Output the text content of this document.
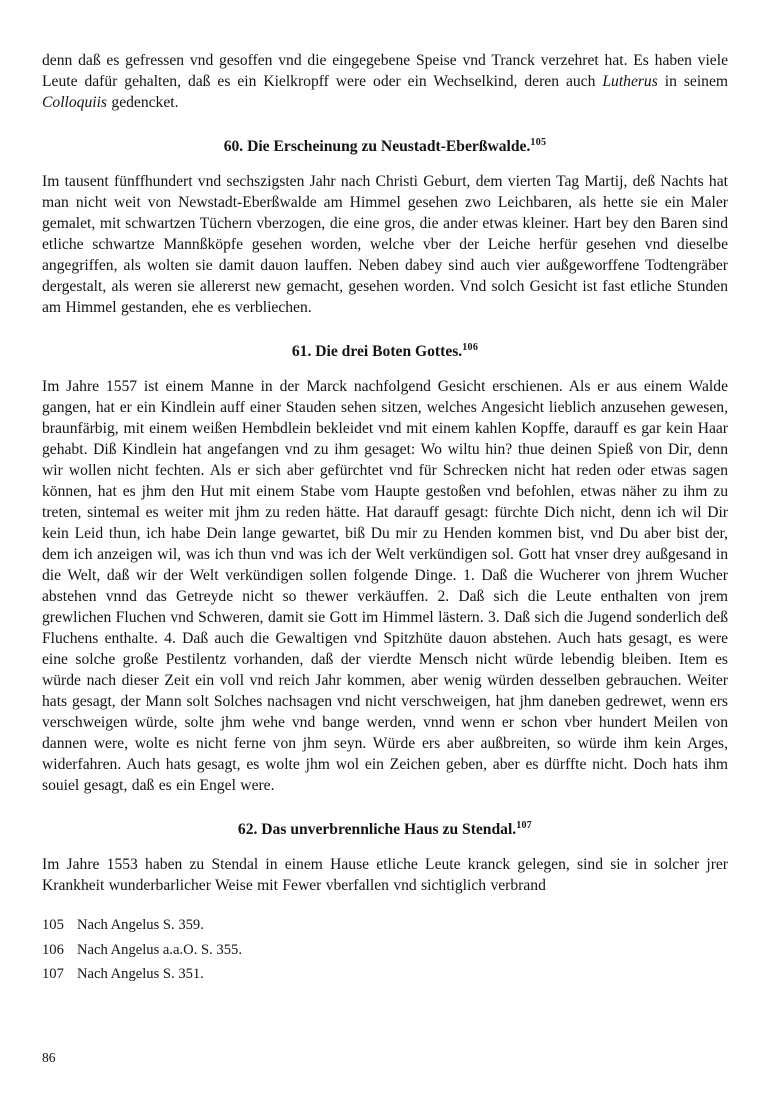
denn daß es gefressen vnd gesoffen vnd die eingegebene Speise vnd Tranck verzehret hat. Es haben viele Leute dafür gehalten, daß es ein Kielkropff were oder ein Wechselkind, deren auch Lutherus in seinem Colloquiis gedencket.

60. Die Erscheinung zu Neustadt-Eberßwalde.$^{105}$

Im tausent fünffhundert vnd sechszigsten Jahr nach Christi Geburt, dem vierten Tag Martij, deß Nachts hat man nicht weit von Newstadt-Eberßwalde am Himmel gesehen zwo Leichbaren, als hette sie ein Maler gemalet, mit schwartzen Tüchern vberzogen, die eine gros, die ander etwas kleiner. Hart bey den Baren sind etliche schwartze Mannßköpfe gesehen worden, welche vber der Leiche herfür gesehen vnd dieselbe angegriffen, als wolten sie damit dauon lauffen. Neben dabey sind auch vier außgeworffene Todtengräber dergestalt, als weren sie allererst new gemacht, gesehen worden. Vnd solch Gesicht ist fast etliche Stunden am Himmel gestanden, ehe es verbliechen.

61. Die drei Boten Gottes.$^{106}$

Im Jahre 1557 ist einem Manne in der Marck nachfolgend Gesicht erschienen. Als er aus einem Walde gangen, hat er ein Kindlein auff einer Stauden sehen sitzen, welches Angesicht lieblich anzusehen gewesen, braunfärbig, mit einem weißen Hembdlein bekleidet vnd mit einem kahlen Kopffe, darauff es gar kein Haar gehabt. Diß Kindlein hat angefangen vnd zu ihm gesaget: Wo wiltu hin? thue deinen Spieß von Dir, denn wir wollen nicht fechten. Als er sich aber gefürchtet vnd für Schrecken nicht hat reden oder etwas sagen können, hat es jhm den Hut mit einem Stabe vom Haupte gestoßen vnd befohlen, etwas näher zu ihm zu treten, sintemal es weiter mit jhm zu reden hätte. Hat darauff gesagt: fürchte Dich nicht, denn ich wil Dir kein Leid thun, ich habe Dein lange gewartet, biß Du mir zu Henden kommen bist, vnd Du aber bist der, dem ich anzeigen wil, was ich thun vnd was ich der Welt verkündigen sol. Gott hat vnser drey außgesand in die Welt, daß wir der Welt verkündigen sollen folgende Dinge. 1. Daß die Wucherer von jhrem Wucher abstehen vnnd das Getreyde nicht so thewer verkäuffen. 2. Daß sich die Leute enthalten von jrem grewlichen Fluchen vnd Schweren, damit sie Gott im Himmel lästern. 3. Daß sich die Jugend sonderlich deß Fluchens enthalte. 4. Daß auch die Gewaltigen vnd Spitzhüte dauon abstehen. Auch hats gesagt, es were eine solche große Pestilentz vorhanden, daß der vierdte Mensch nicht würde lebendig bleiben. Item es würde nach dieser Zeit ein voll vnd reich Jahr kommen, aber wenig würden desselben gebrauchen. Weiter hats gesagt, der Mann solt Solches nachsagen vnd nicht verschweigen, hat jhm daneben gedrewet, wenn ers verschweigen würde, solte jhm wehe vnd bange werden, vnnd wenn er schon vber hundert Meilen von dannen were, wolte es nicht ferne von jhm seyn. Würde ers aber außbreiten, so würde ihm kein Arges, widerfahren. Auch hats gesagt, es wolte jhm wol ein Zeichen geben, aber es dürffte nicht. Doch hats ihm souiel gesagt, daß es ein Engel were.

62. Das unverbrennliche Haus zu Stendal.$^{107}$

Im Jahre 1553 haben zu Stendal in einem Hause etliche Leute kranck gelegen, sind sie in solcher jrer Krankheit wunderbarlicher Weise mit Fewer vberfallen vnd sichtiglich verbrand

105 Nach Angelus S. 359.
106 Nach Angelus a.a.O. S. 355.
107 Nach Angelus S. 351.
86
